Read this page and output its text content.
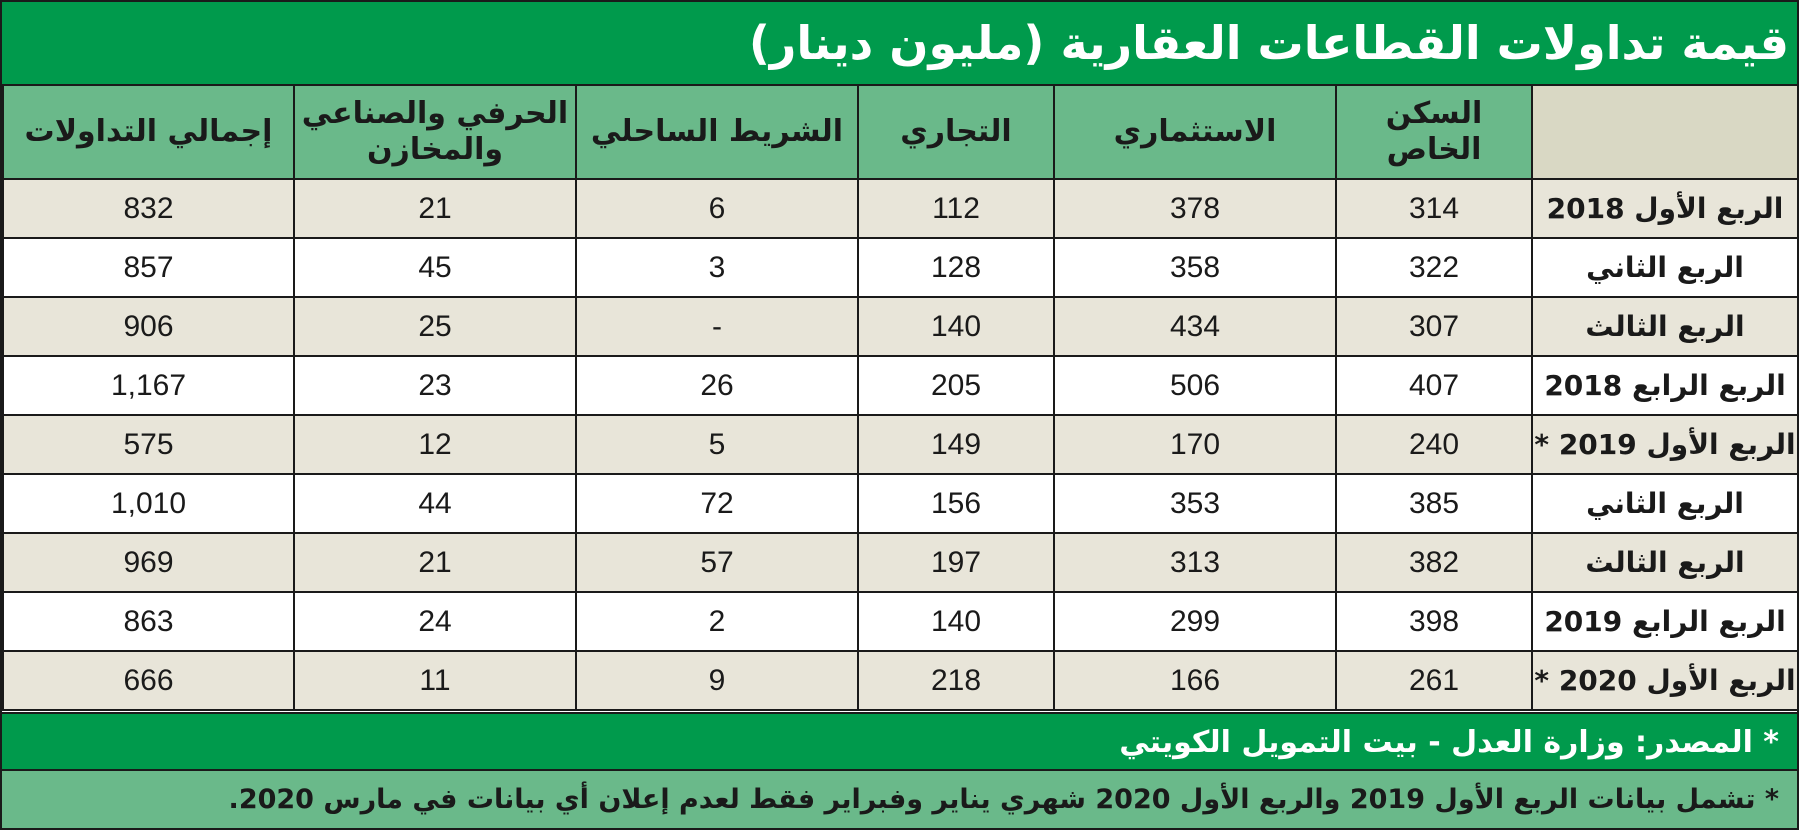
قيمة تداولات القطاعات العقارية (مليون دينار)
	السكن الخاص	الاستثماري	التجاري	الشريط الساحلي	الحرفي والصناعي والمخازن	إجمالي التداولات
الربع الأول 2018	314	378	112	6	21	832
الربع الثاني	322	358	128	3	45	857
الربع الثالث	307	434	140	-	25	906
الربع الرابع 2018	407	506	205	26	23	1,167
الربع الأول 2019 *	240	170	149	5	12	575
الربع الثاني	385	353	156	72	44	1,010
الربع الثالث	382	313	197	57	21	969
الربع الرابع 2019	398	299	140	2	24	863
الربع الأول 2020 *	261	166	218	9	11	666
* المصدر: وزارة العدل - بيت التمويل الكويتي
* تشمل بيانات الربع الأول 2019 والربع الأول 2020 شهري يناير وفبراير فقط لعدم إعلان أي بيانات في مارس 2020.
